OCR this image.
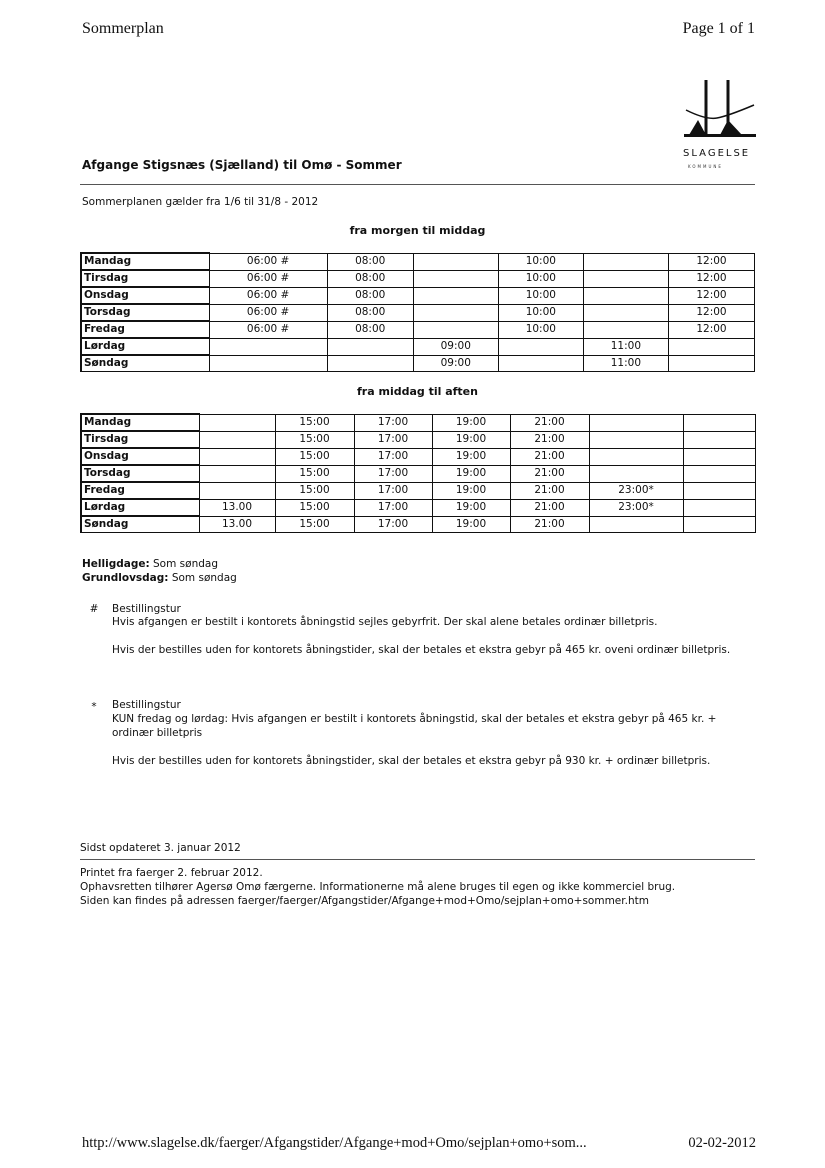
Sommerplan	Page 1 of 1
SLAGELSE
KOMMUNE
Afgange Stigsnæs (Sjælland) til Omø - Sommer
Sommerplanen gælder fra 1/6 til 31/8 - 2012
fra morgen til middag
Mandag	06:00 #	08:00		10:00		12:00
Tirsdag	06:00 #	08:00		10:00		12:00
Onsdag	06:00 #	08:00		10:00		12:00
Torsdag	06:00 #	08:00		10:00		12:00
Fredag	06:00 #	08:00		10:00		12:00
Lørdag			09:00		11:00	
Søndag			09:00		11:00	
fra middag til aften
Mandag		15:00	17:00	19:00	21:00		
Tirsdag		15:00	17:00	19:00	21:00		
Onsdag		15:00	17:00	19:00	21:00		
Torsdag		15:00	17:00	19:00	21:00		
Fredag		15:00	17:00	19:00	21:00	23:00*	
Lørdag	13.00	15:00	17:00	19:00	21:00	23:00*	
Søndag	13.00	15:00	17:00	19:00	21:00		
Helligdage: Som søndag
Grundlovsdag: Som søndag
#	Bestillingstur
Hvis afgangen er bestilt i kontorets åbningstid sejles gebyrfrit. Der skal alene betales ordinær billetpris.
Hvis der bestilles uden for kontorets åbningstider, skal der betales et ekstra gebyr på 465 kr. oveni ordinær billetpris.
*	Bestillingstur
KUN fredag og lørdag: Hvis afgangen er bestilt i kontorets åbningstid, skal der betales et ekstra gebyr på 465 kr. + ordinær billetpris
Hvis der bestilles uden for kontorets åbningstider, skal der betales et ekstra gebyr på 930 kr. + ordinær billetpris.
Sidst opdateret 3. januar 2012
Printet fra faerger 2. februar 2012.
Ophavsretten tilhører Agersø Omø færgerne. Informationerne må alene bruges til egen og ikke kommerciel brug.
Siden kan findes på adressen faerger/faerger/Afgangstider/Afgange+mod+Omo/sejplan+omo+sommer.htm
http://www.slagelse.dk/faerger/Afgangstider/Afgange+mod+Omo/sejplan+omo+som...	02-02-2012
